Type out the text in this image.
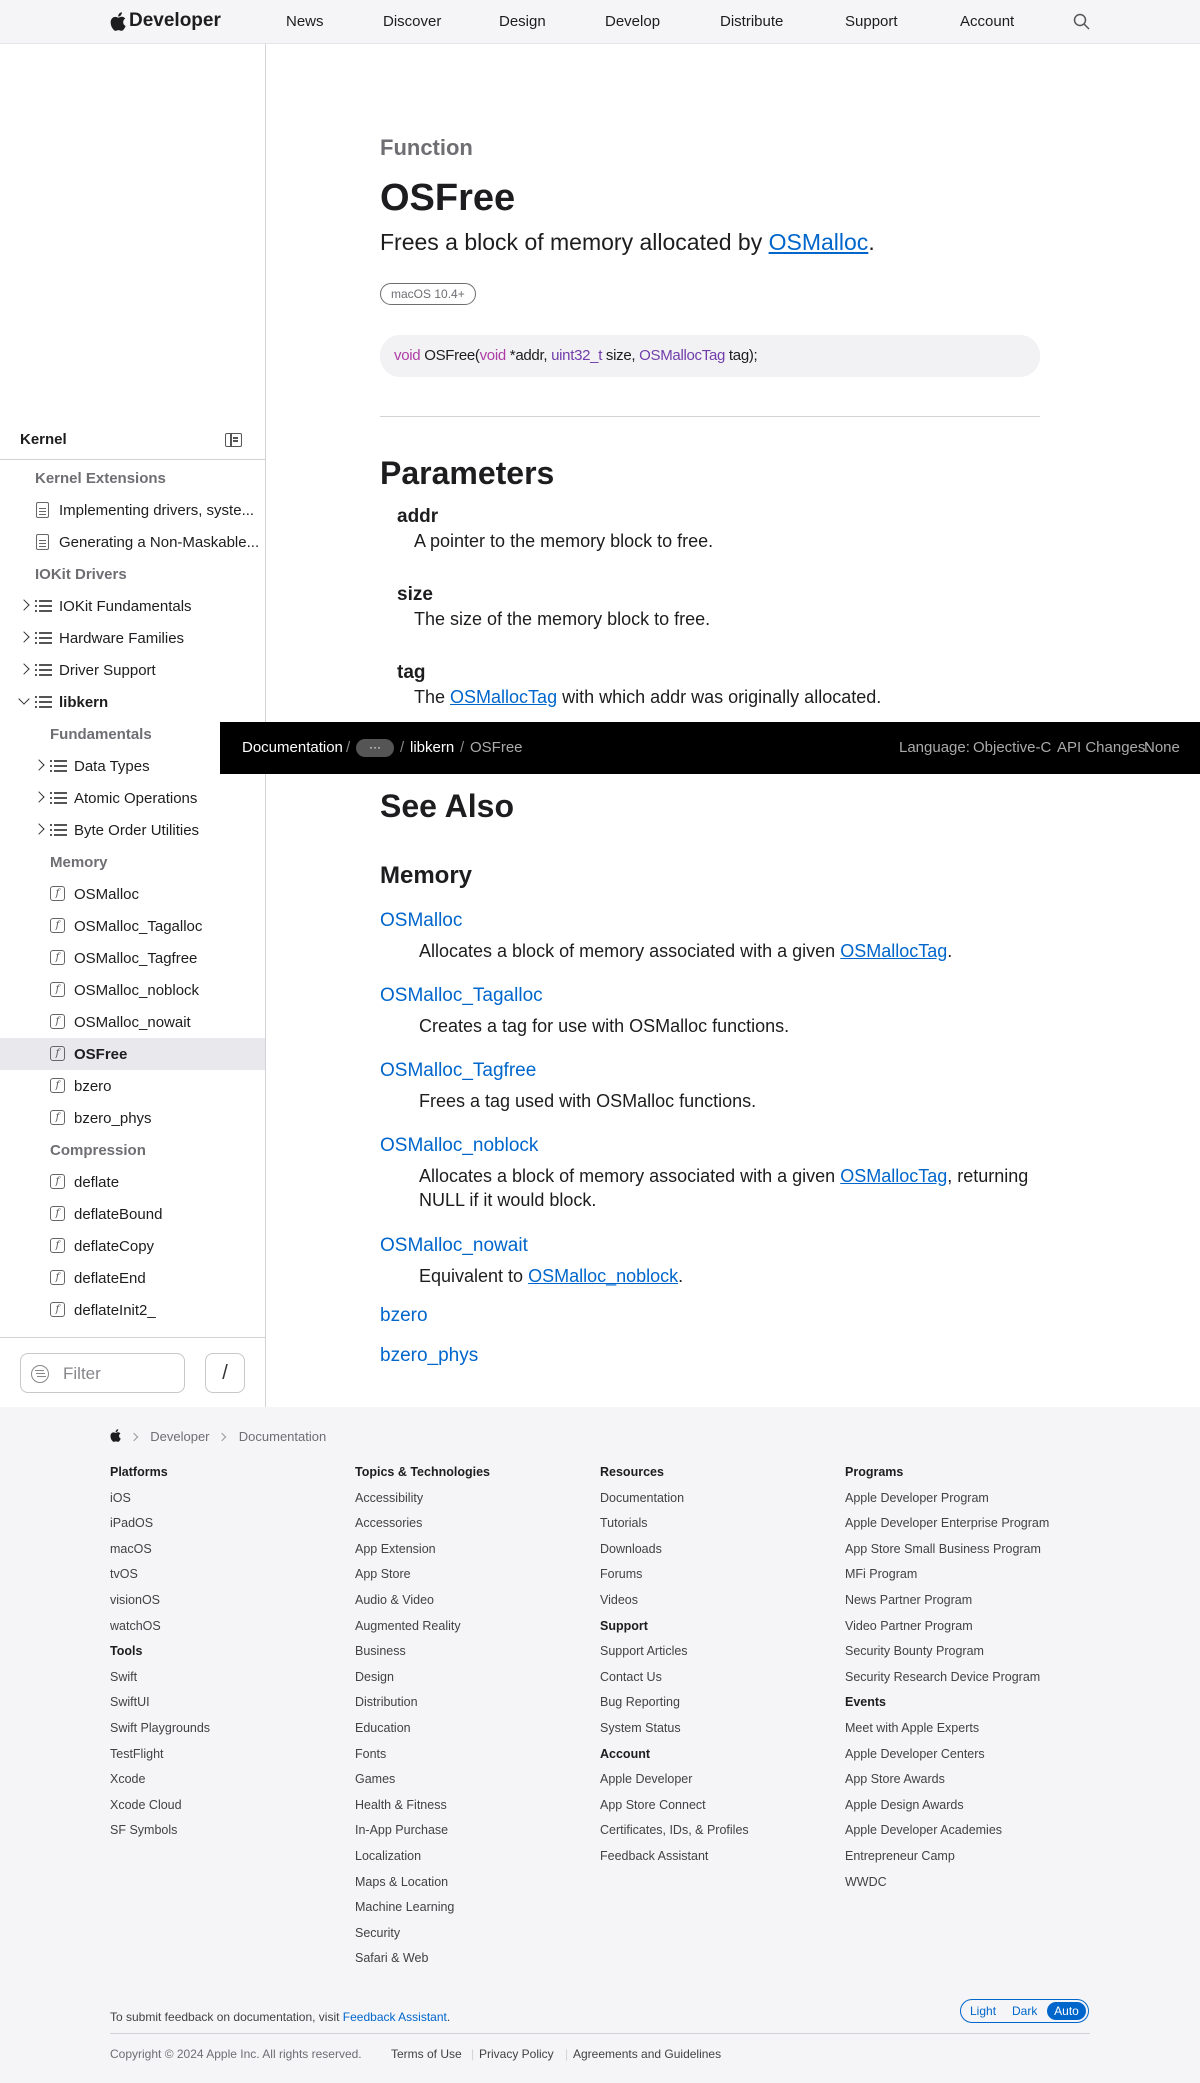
Developer	News	Discover	Design	Develop	Distribute	Support	Account
Kernel
Kernel Extensions
Implementing drivers, syste...
Generating a Non-Maskable...
IOKit Drivers
IOKit Fundamentals
Hardware Families
Driver Support
libkern
Fundamentals
Data Types
Atomic Operations
Byte Order Utilities
Memory
f OSMalloc
f OSMalloc_Tagalloc
f OSMalloc_Tagfree
f OSMalloc_noblock
f OSMalloc_nowait
f OSFree
f bzero
f bzero_phys
Compression
f deflate
f deflateBound
f deflateCopy
f deflateEnd
f deflateInit2_
Filter	/
Function
OSFree
Frees a block of memory allocated by OSMalloc.
macOS 10.4+
void OSFree(void *addr, uint32_t size, OSMallocTag tag);
Parameters
addr
A pointer to the memory block to free.
size
The size of the memory block to free.
tag
The OSMallocTag with which addr was originally allocated.
See Also
Memory
OSMalloc
Allocates a block of memory associated with a given OSMallocTag.
OSMalloc_Tagalloc
Creates a tag for use with OSMalloc functions.
OSMalloc_Tagfree
Frees a tag used with OSMalloc functions.
OSMalloc_noblock
Allocates a block of memory associated with a given OSMallocTag, returning
NULL if it would block.
OSMalloc_nowait
Equivalent to OSMalloc_noblock.
bzero
bzero_phys
Documentation /	···	/ libkern / OSFree	Language: Objective-C API Changes:
None
Developer Documentation
Platforms
iOS
iPadOS
macOS
tvOS
visionOS
watchOS
Tools
Swift
SwiftUI
Swift Playgrounds
TestFlight
Xcode
Xcode Cloud
SF Symbols
Topics & Technologies
Accessibility
Accessories
App Extension
App Store
Audio & Video
Augmented Reality
Business
Design
Distribution
Education
Fonts
Games
Health & Fitness
In-App Purchase
Localization
Maps & Location
Machine Learning
Security
Safari & Web
Resources
Documentation
Tutorials
Downloads
Forums
Videos
Support
Support Articles
Contact Us
Bug Reporting
System Status
Account
Apple Developer
App Store Connect
Certificates, IDs, & Profiles
Feedback Assistant
Programs
Apple Developer Program
Apple Developer Enterprise Program
App Store Small Business Program
MFi Program
News Partner Program
Video Partner Program
Security Bounty Program
Security Research Device Program
Events
Meet with Apple Experts
Apple Developer Centers
App Store Awards
Apple Design Awards
Apple Developer Academies
Entrepreneur Camp
WWDC
To submit feedback on documentation, visit Feedback Assistant.	Light Dark	Auto
Copyright © 2024 Apple Inc. All rights reserved. Terms of Use | Privacy Policy | Agreements and Guidelines
